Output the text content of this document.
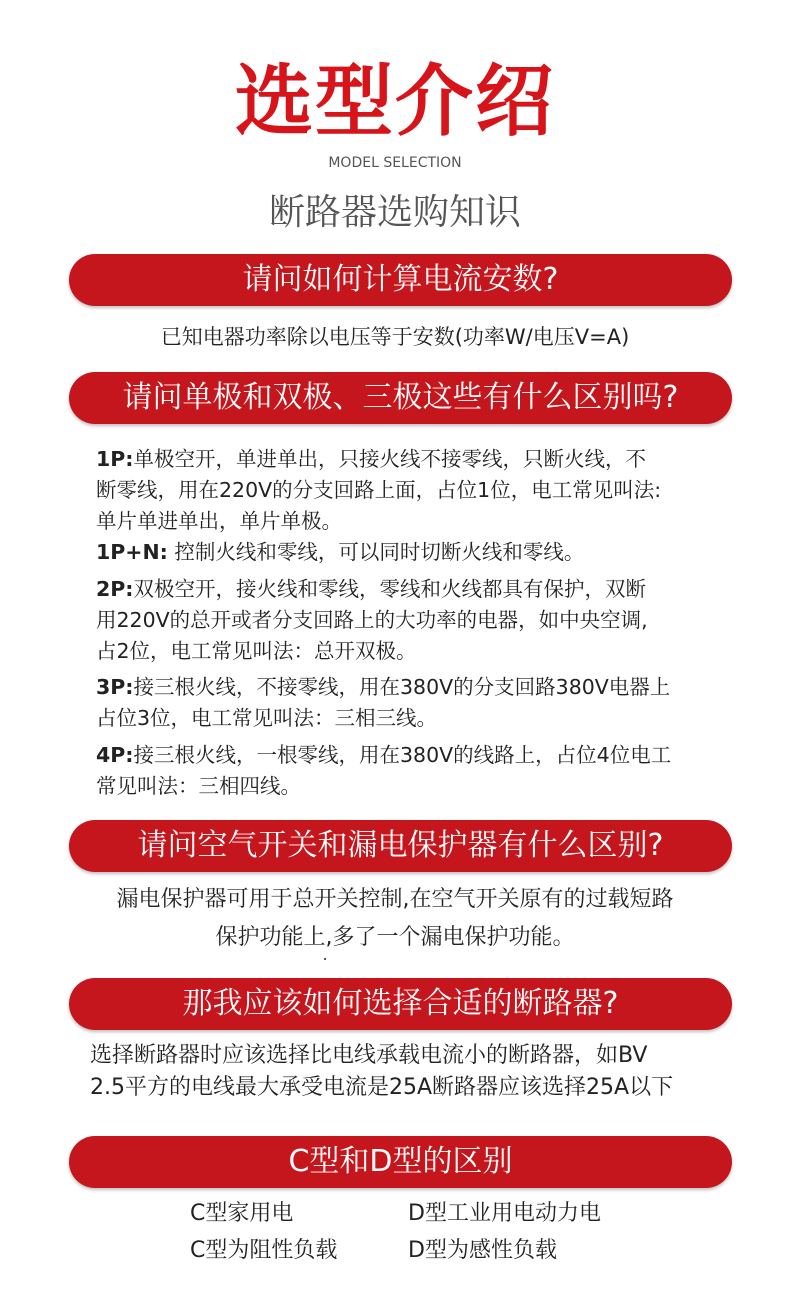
选型介绍
MODEL SELECTION
断路器选购知识
请问如何计算电流安数?
已知电器功率除以电压等于安数(功率W/电压V=A)
请问单极和双极、三极这些有什么区别吗?
1P:单极空开，单进单出，只接火线不接零线，只断火线，不
断零线，用在220V的分支回路上面，占位1位，电工常见叫法:
单片单进单出，单片单极。
1P+N: 控制火线和零线，可以同时切断火线和零线。
2P:双极空开，接火线和零线，零线和火线都具有保护，双断
用220V的总开或者分支回路上的大功率的电器，如中央空调,
占2位，电工常见叫法：总开双极。
3P:接三根火线，不接零线，用在380V的分支回路380V电器上
占位3位，电工常见叫法：三相三线。
4P:接三根火线，一根零线，用在380V的线路上，占位4位电工
常见叫法：三相四线。
请问空气开关和漏电保护器有什么区别?
漏电保护器可用于总开关控制,在空气开关原有的过载短路
保护功能上,多了一个漏电保护功能。
那我应该如何选择合适的断路器?
选择断路器时应该选择比电线承载电流小的断路器，如BV
2.5平方的电线最大承受电流是25A断路器应该选择25A以下
C型和D型的区别
C型家用电	D型工业用电动力电
C型为阻性负载	D型为感性负载
